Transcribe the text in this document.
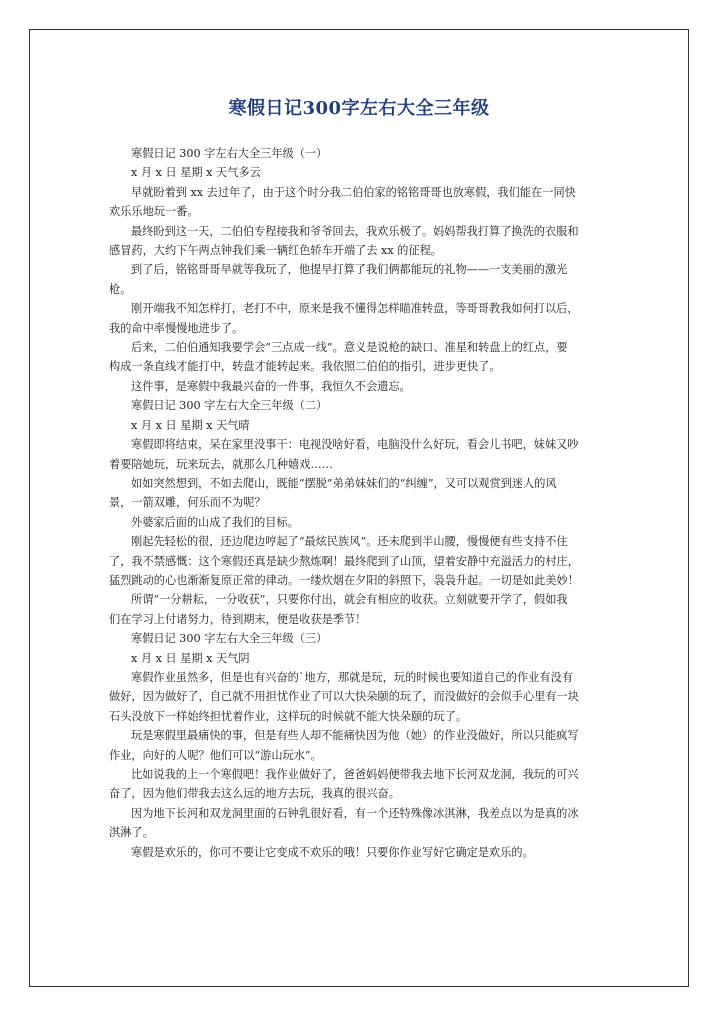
寒假日记300字左右大全三年级

寒假日记 300 字左右大全三年级（一）

x 月 x 日 星期 x 天气多云

早就盼着到 xx 去过年了，由于这个时分我二伯伯家的铭铭哥哥也放寒假，我们能在一同快

欢乐乐地玩一番。

最终盼到这一天，二伯伯专程接我和爷爷回去，我欢乐极了。妈妈帮我打算了换洗的衣服和

感冒药，大约下午两点钟我们乘一辆红色轿车开端了去 xx 的征程。

到了后，铭铭哥哥早就等我玩了，他提早打算了我们俩都能玩的礼物——一支美丽的激光

枪。

刚开端我不知怎样打，老打不中，原来是我不懂得怎样瞄准转盘，等哥哥教我如何打以后，

我的命中率慢慢地进步了。

后来，二伯伯通知我要学会“三点成一线”。意义是说枪的缺口、准星和转盘上的红点，要

构成一条直线才能打中，转盘才能转起来。我依照二伯伯的指引，进步更快了。

这件事，是寒假中我最兴奋的一件事，我恒久不会遗忘。

寒假日记 300 字左右大全三年级（二）

x 月 x 日 星期 x 天气晴

寒假即将结束，呆在家里没事干：电视没啥好看，电脑没什么好玩，看会儿书吧，妹妹又吵

着要陪她玩，玩来玩去，就那么几种嬉戏……

如如突然想到，不如去爬山，既能“摆脱”弟弟妹妹们的“纠缠”，又可以观赏到迷人的风

景，一箭双雕，何乐而不为呢？

外婆家后面的山成了我们的目标。

刚起先轻松的很，还边爬边哼起了“最炫民族风”。还未爬到半山腰，慢慢便有些支持不住

了，我不禁感慨：这个寒假还真是缺少熬炼啊！最终爬到了山顶，望着安静中充溢活力的村庄，

猛烈跳动的心也渐渐复原正常的律动。一缕炊烟在夕阳的斜照下，袅袅升起。一切是如此美妙！

所谓“一分耕耘，一分收获”，只要你付出，就会有相应的收获。立刻就要开学了，假如我

们在学习上付诸努力，待到期末，便是收获是季节！

寒假日记 300 字左右大全三年级（三）

x 月 x 日 星期 x 天气阴

寒假作业虽然多，但是也有兴奋的`地方，那就是玩，玩的时候也要知道自己的作业有没有

做好，因为做好了，自己就不用担忧作业了可以大快朵颐的玩了，而没做好的会似手心里有一块

石头没放下一样始终担忧着作业，这样玩的时候就不能大快朵颐的玩了。

玩是寒假里最痛快的事，但是有些人却不能痛快因为他（她）的作业没做好，所以只能疯写

作业，向好的人呢？他们可以“游山玩水”。

比如说我的上一个寒假吧！我作业做好了，爸爸妈妈便带我去地下长河双龙洞，我玩的可兴

奋了，因为他们带我去这么远的地方去玩，我真的很兴奋。

因为地下长河和双龙洞里面的石钟乳很好看，有一个还特殊像冰淇淋，我差点以为是真的冰

淇淋了。

寒假是欢乐的，你可不要让它变成不欢乐的哦！只要你作业写好它确定是欢乐的。
